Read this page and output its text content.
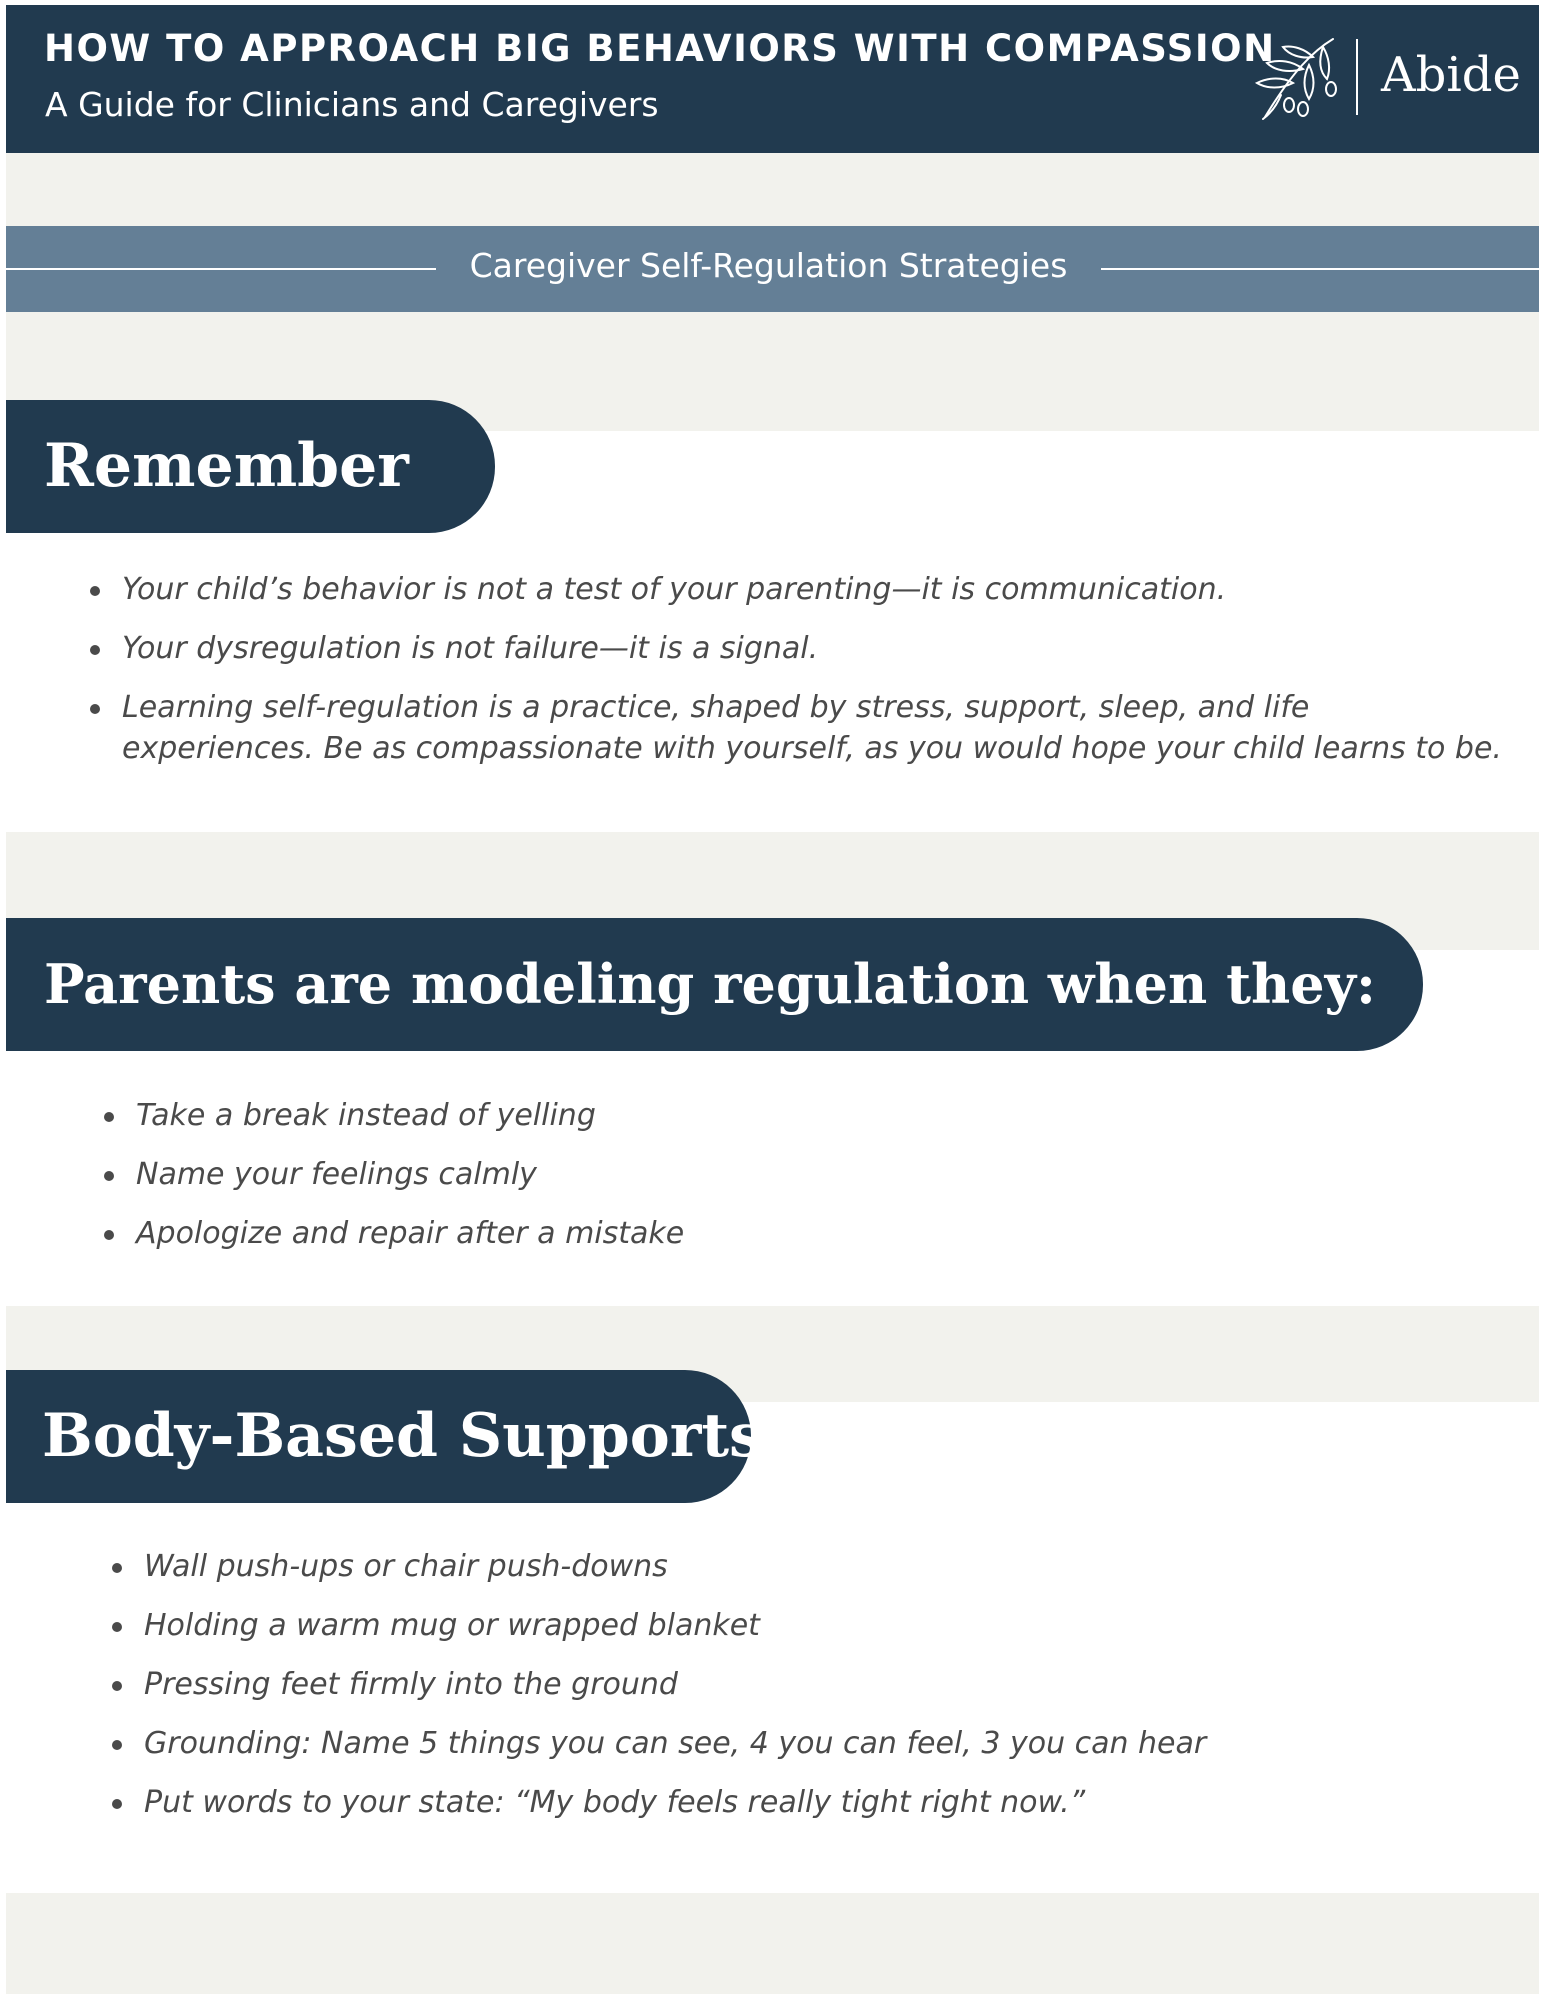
HOW TO APPROACH BIG BEHAVIORS WITH COMPASSION
A Guide for Clinicians and Caregivers
Abide
Caregiver Self-Regulation Strategies
Remember
Your child’s behavior is not a test of your parenting—it is communication.
Your dysregulation is not failure—it is a signal.
Learning self-regulation is a practice, shaped by stress, support, sleep, and life experiences. Be as compassionate with yourself, as you would hope your child learns to be.
Parents are modeling regulation when they:
Take a break instead of yelling
Name your feelings calmly
Apologize and repair after a mistake
Body-Based Supports
Wall push-ups or chair push-downs
Holding a warm mug or wrapped blanket
Pressing feet firmly into the ground
Grounding: Name 5 things you can see, 4 you can feel, 3 you can hear
Put words to your state: “My body feels really tight right now.”
